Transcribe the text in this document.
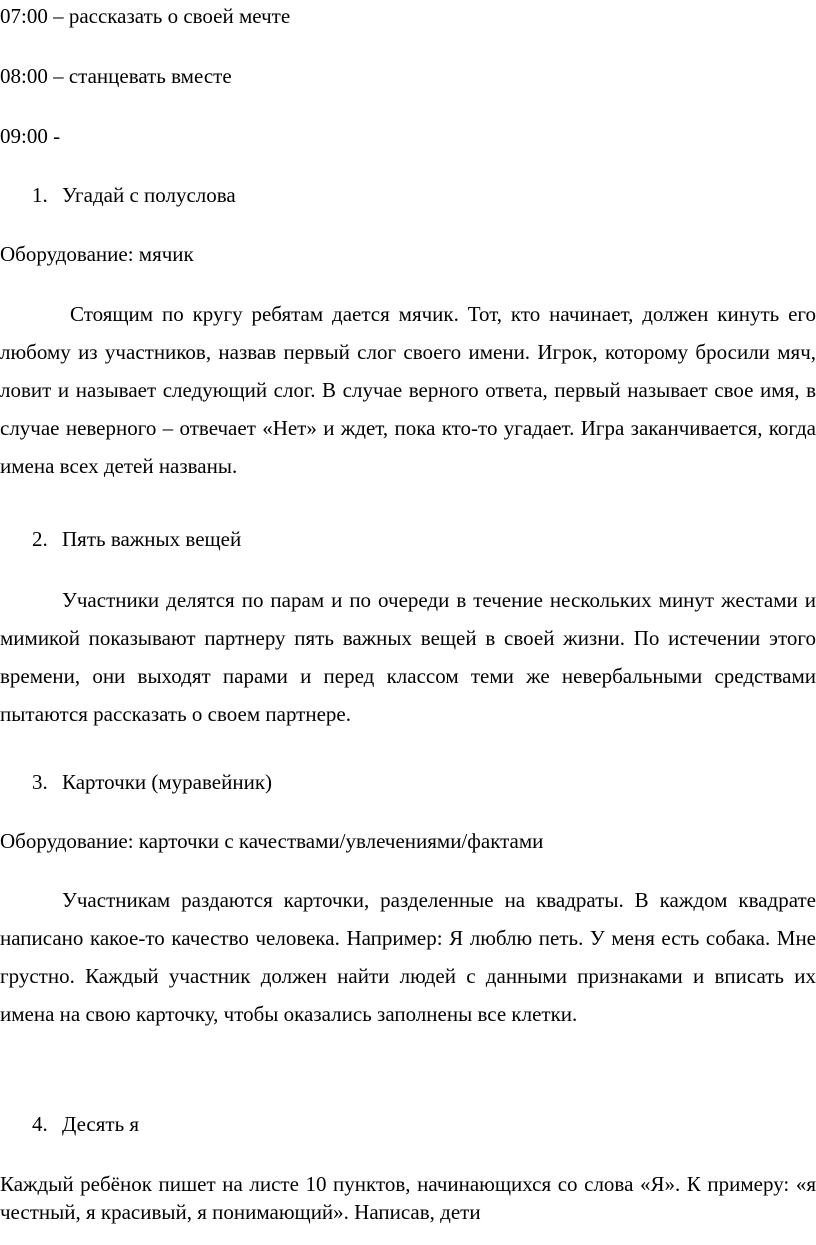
07:00 – рассказать о своей мечте
08:00 – станцевать вместе
09:00 -
1. Угадай с полуслова
Оборудование: мячик

Стоящим по кругу ребятам дается мячик. Тот, кто начинает, должен кинуть его любому из участников, назвав первый слог своего имени. Игрок, которому бросили мяч, ловит и называет следующий слог. В случае верного ответа, первый называет свое имя, в случае неверного – отвечает «Нет» и ждет, пока кто-то угадает. Игра заканчивается, когда имена всех детей названы.

2. Пять важных вещей

Участники делятся по парам и по очереди в течение нескольких минут жестами и мимикой показывают партнеру пять важных вещей в своей жизни. По истечении этого времени, они выходят парами и перед классом теми же невербальными средствами пытаются рассказать о своем партнере.

3. Карточки (муравейник)
Оборудование: карточки с качествами/увлечениями/фактами

Участникам раздаются карточки, разделенные на квадраты. В каждом квадрате написано какое-то качество человека. Например: Я люблю петь. У меня есть собака. Мне грустно. Каждый участник должен найти людей с данными признаками и вписать их имена на свою карточку, чтобы оказались заполнены все клетки.

4. Десять я

Каждый ребёнок пишет на листе 10 пунктов, начинающихся со слова «Я». К примеру: «я честный, я красивый, я понимающий». Написав, дети
